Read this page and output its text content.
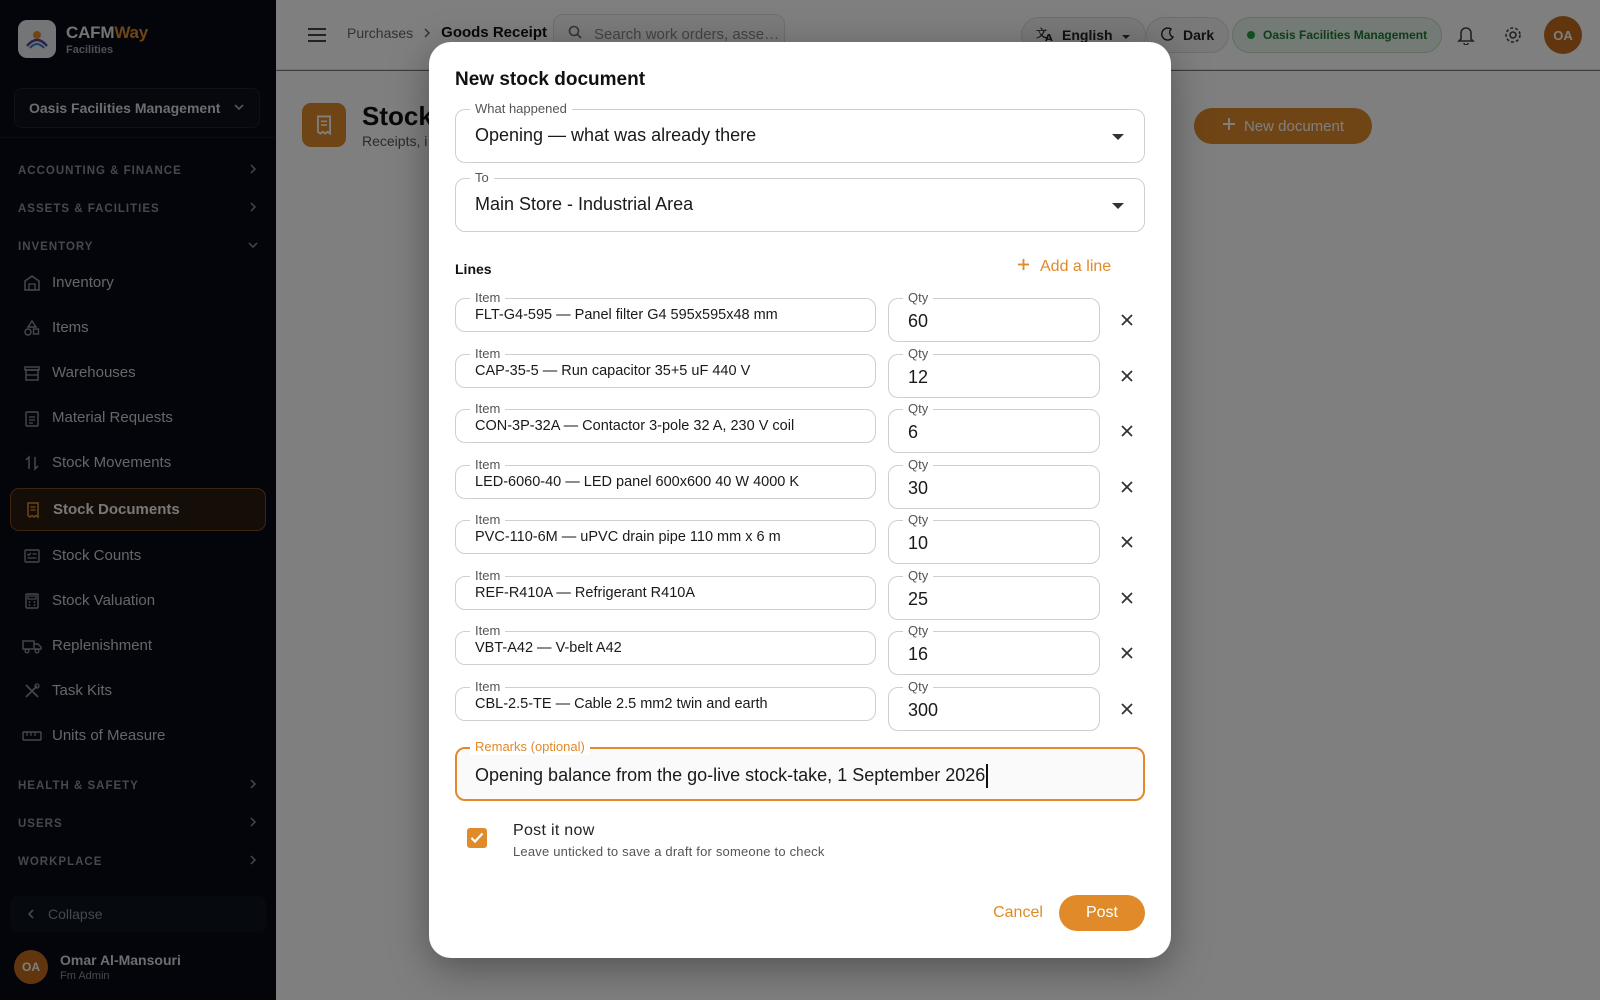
New stock document
What happened
Opening — what was already there
To
Main Store - Industrial Area
Lines	Add a line
Item
FLT-G4-595 — Panel filter G4 595x595x48 mm
Qty
60
Item
CAP-35-5 — Run capacitor 35+5 uF 440 V
Qty
12
Item
CON-3P-32A — Contactor 3-pole 32 A, 230 V coil
Qty
6
Item
LED-6060-40 — LED panel 600x600 40 W 4000 K
Qty
30
Item
PVC-110-6M — uPVC drain pipe 110 mm x 6 m
Qty
10
Item
REF-R410A — Refrigerant R410A
Qty
25
Item
VBT-A42 — V-belt A42
Qty
16
Item
CBL-2.5-TE — Cable 2.5 mm2 twin and earth
Qty
300
Remarks (optional)
Opening balance from the go-live stock-take, 1 September 2026
Post it now
Leave unticked to save a draft for someone to check
Cancel	Post
